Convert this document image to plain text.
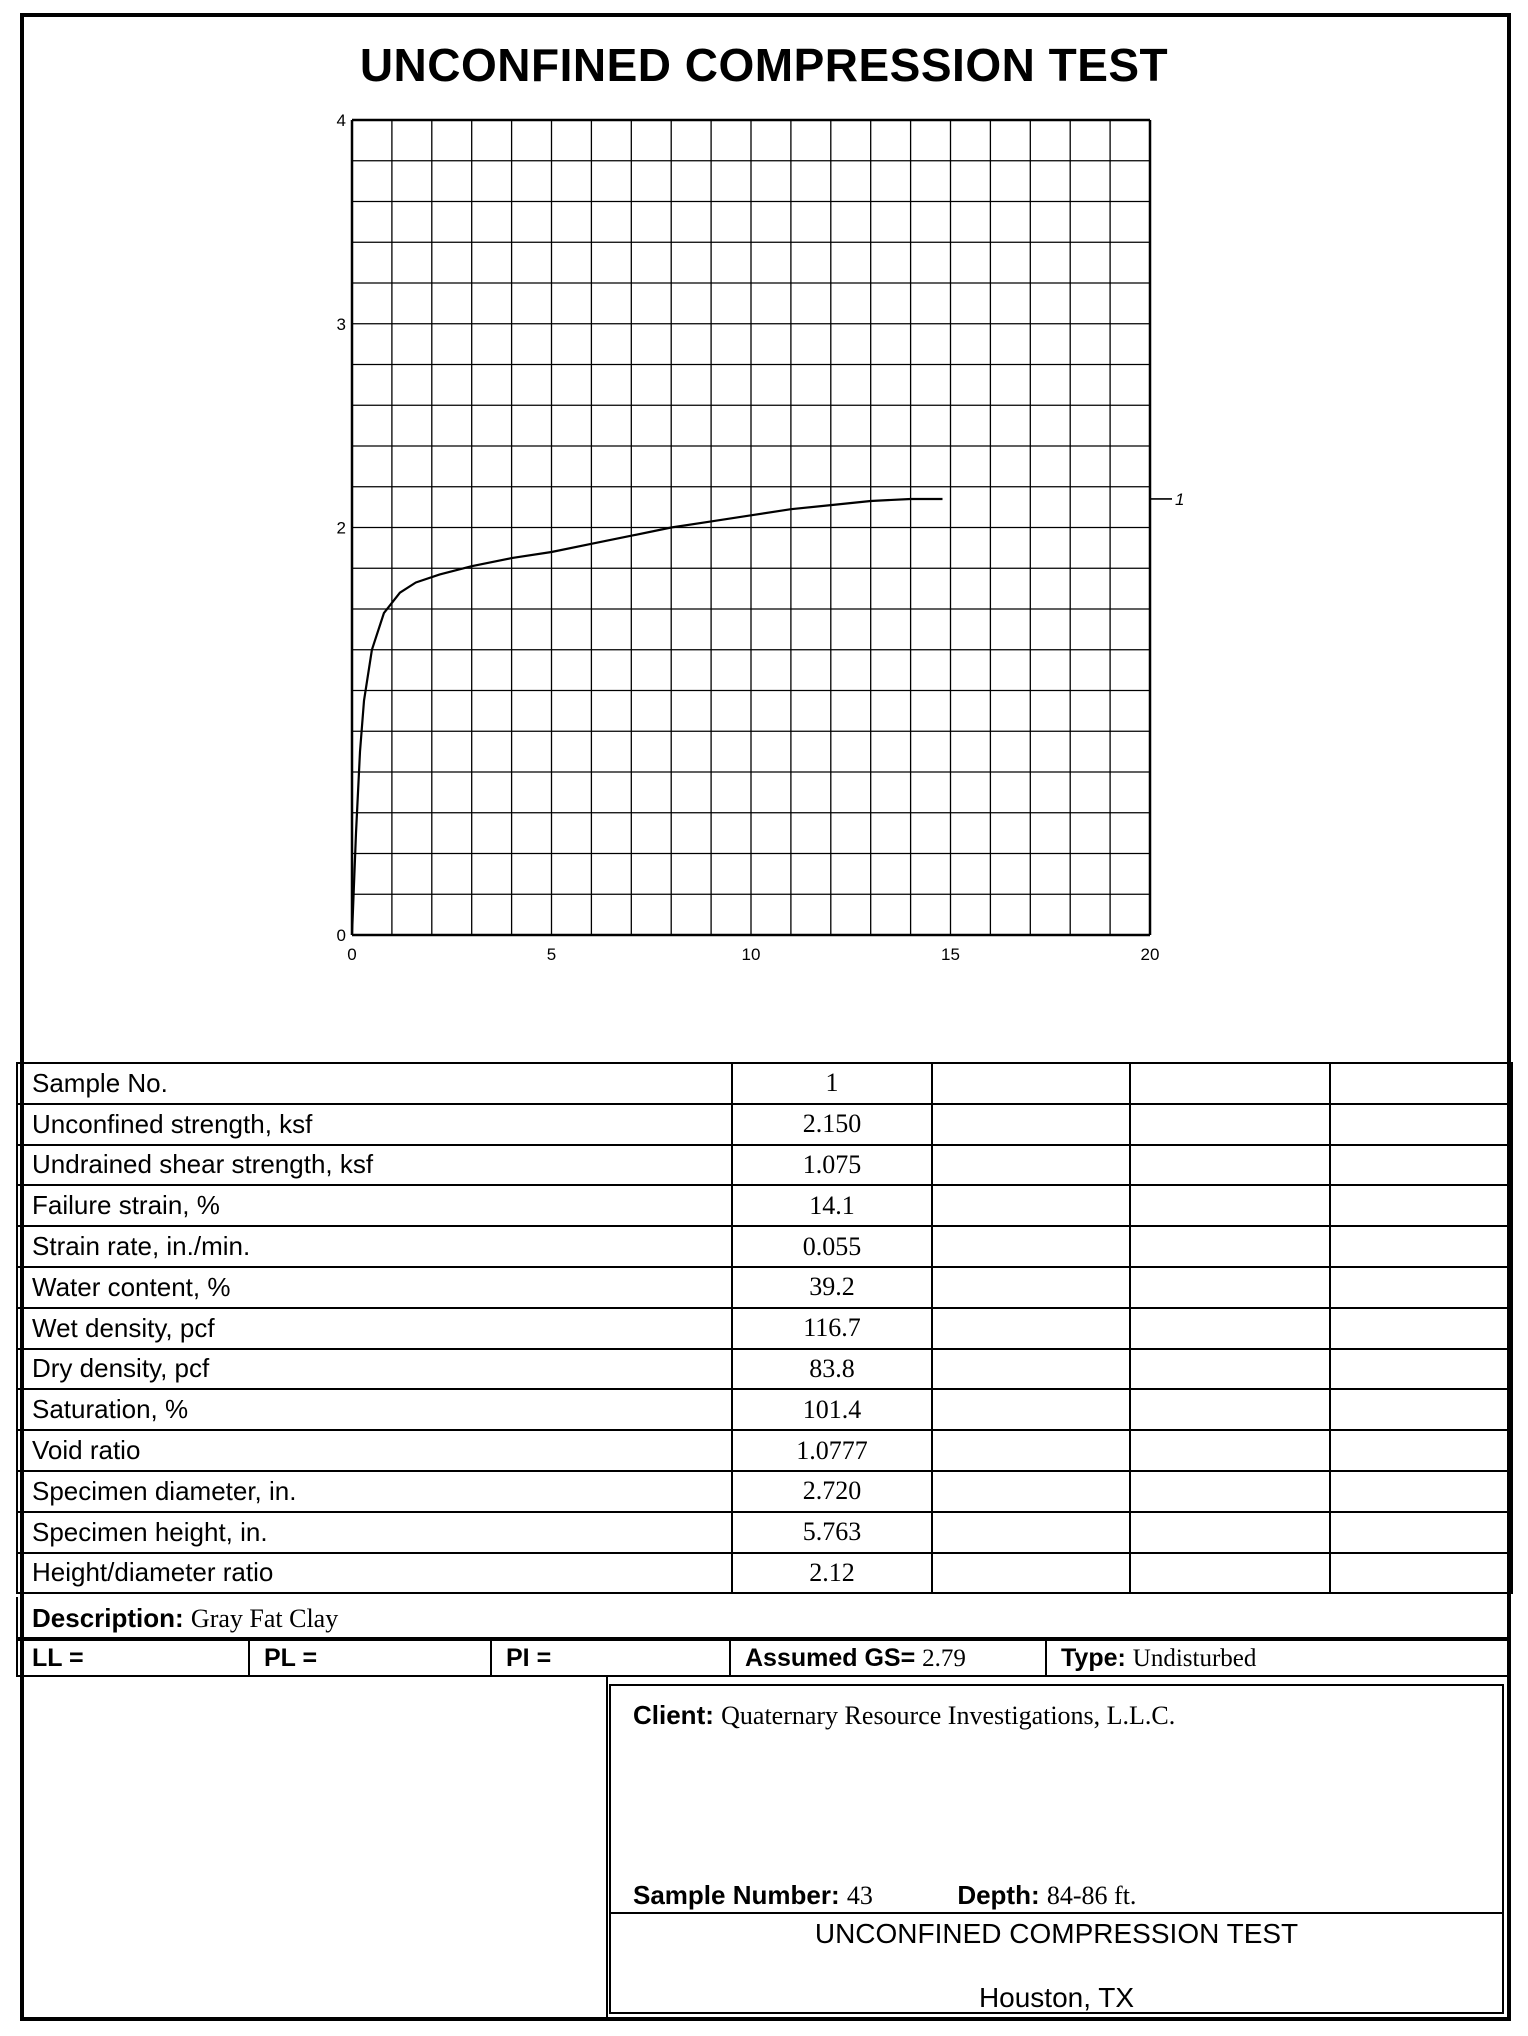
UNCONFINED COMPRESSION TEST
0	5	10	15	20
0
2
3
4
1
Sample No.	1			
Unconfined strength, ksf	2.150			
Undrained shear strength, ksf	1.075			
Failure strain, %	14.1			
Strain rate, in./min.	0.055			
Water content, %	39.2			
Wet density, pcf	116.7			
Dry density, pcf	83.8			
Saturation, %	101.4			
Void ratio	1.0777			
Specimen diameter, in.	2.720			
Specimen height, in.	5.763			
Height/diameter ratio	2.12			
Description: Gray Fat Clay
LL =	PL =	PI =	Assumed GS= 2.79	Type: Undisturbed
Client: Quaternary Resource Investigations, L.L.C.
Sample Number: 43	Depth: 84-86 ft.
UNCONFINED COMPRESSION TEST
Houston, TX
